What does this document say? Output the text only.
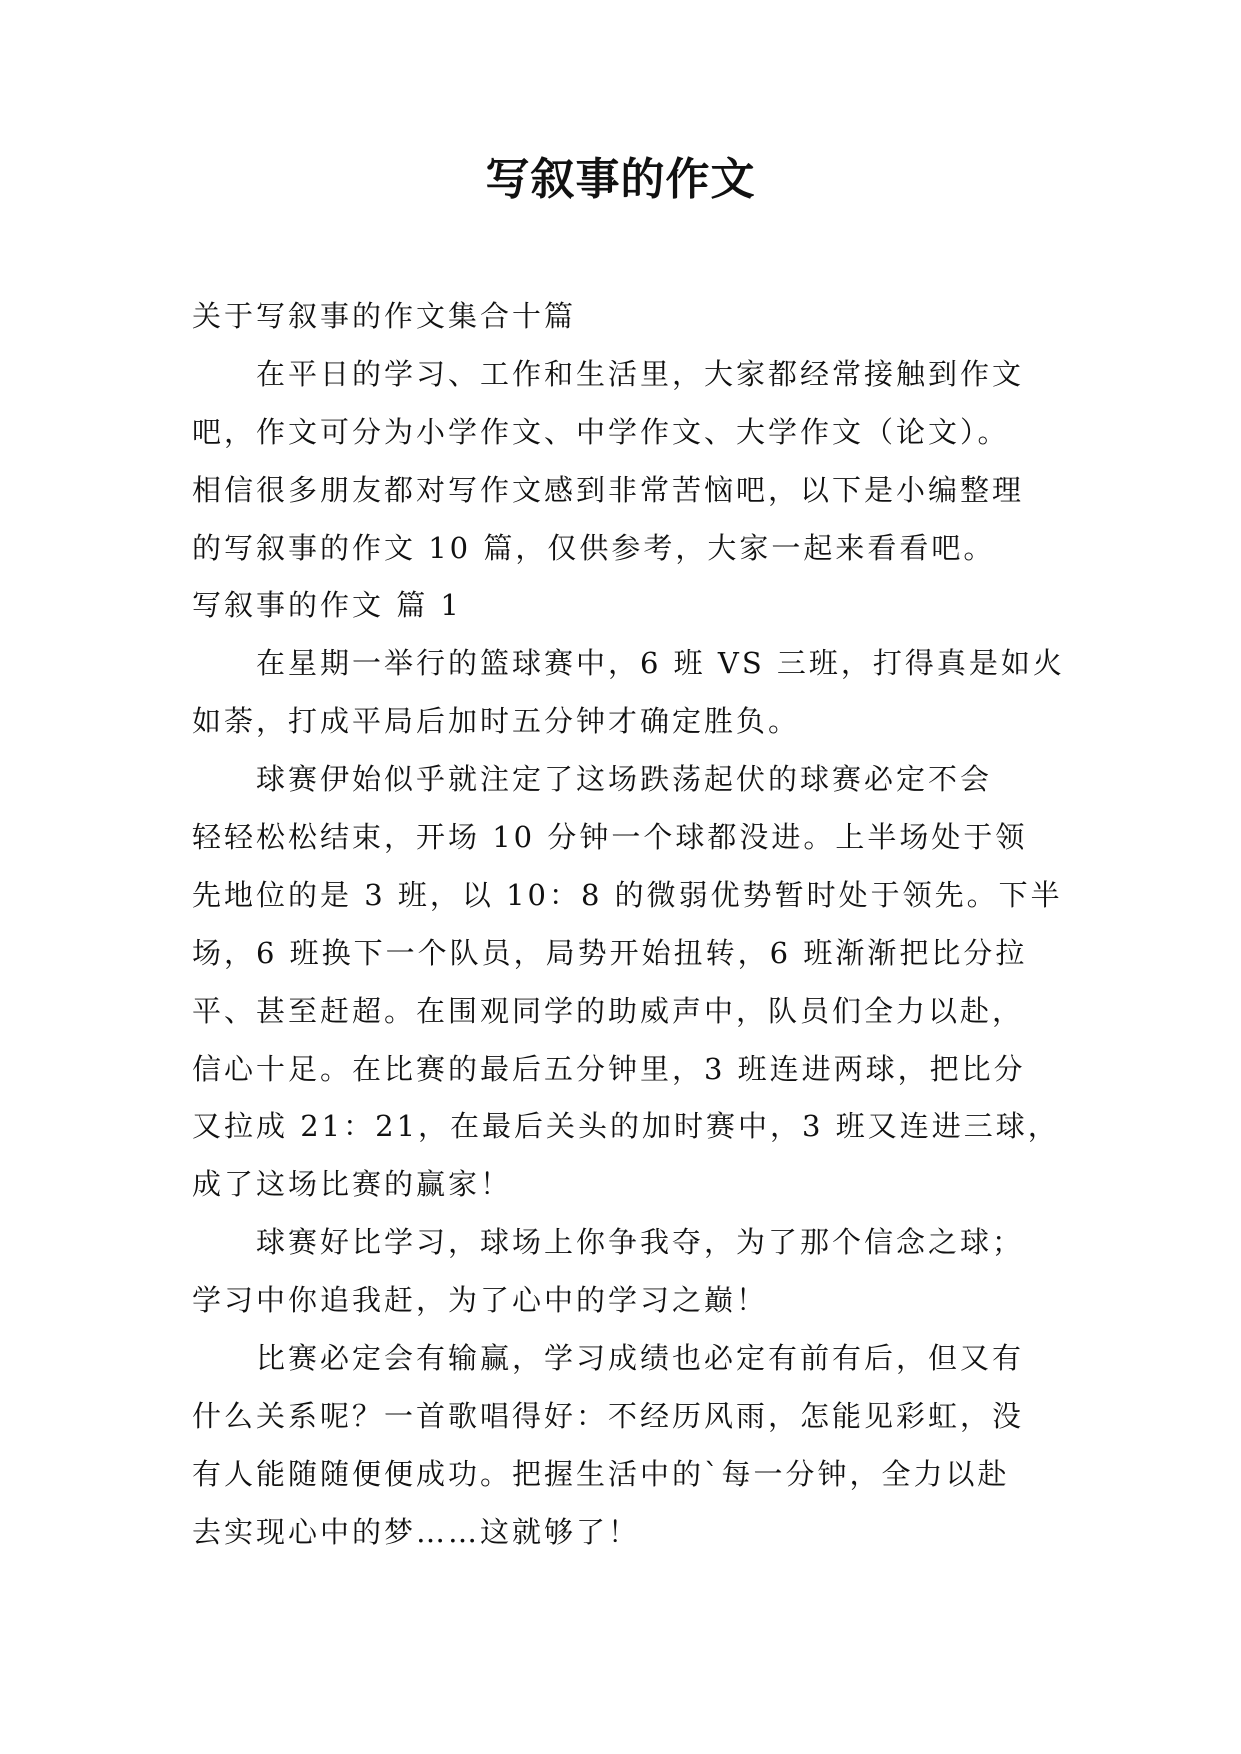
写叙事的作文

关于写叙事的作文集合十篇

在平日的学习、工作和生活里，大家都经常接触到作文

吧，作文可分为小学作文、中学作文、大学作文（论文）。

相信很多朋友都对写作文感到非常苦恼吧，以下是小编整理

的写叙事的作文 10 篇，仅供参考，大家一起来看看吧。

写叙事的作文 篇 1

在星期一举行的篮球赛中，6 班 VS 三班，打得真是如火

如荼，打成平局后加时五分钟才确定胜负。

球赛伊始似乎就注定了这场跌荡起伏的球赛必定不会

轻轻松松结束，开场 10 分钟一个球都没进。上半场处于领

先地位的是 3 班，以 10：8 的微弱优势暂时处于领先。下半

场，6 班换下一个队员，局势开始扭转，6 班渐渐把比分拉

平、甚至赶超。在围观同学的助威声中，队员们全力以赴，

信心十足。在比赛的最后五分钟里，3 班连进两球，把比分

又拉成 21：21，在最后关头的加时赛中，3 班又连进三球，

成了这场比赛的赢家！

球赛好比学习，球场上你争我夺，为了那个信念之球；

学习中你追我赶，为了心中的学习之巅！

比赛必定会有输赢，学习成绩也必定有前有后，但又有

什么关系呢？一首歌唱得好：不经历风雨，怎能见彩虹，没

有人能随随便便成功。把握生活中的`每一分钟，全力以赴

去实现心中的梦……这就够了！
